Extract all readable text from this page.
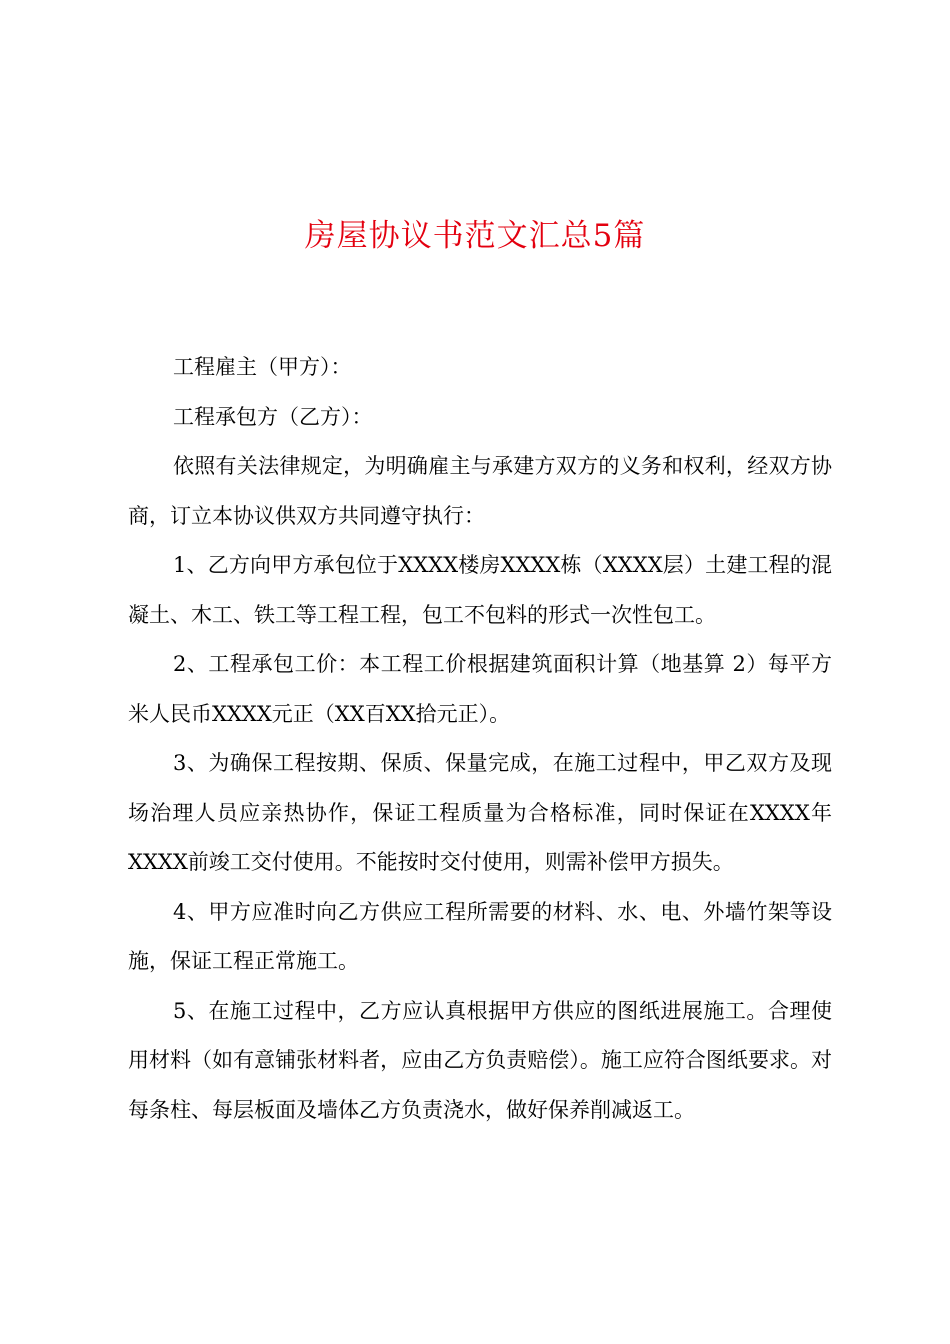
房屋协议书范文汇总5篇

工程雇主（甲方）：

工程承包方（乙方）：

依照有关法律规定，为明确雇主与承建方双方的义务和权利，经双方协商，订立本协议供双方共同遵守执行：

1、乙方向甲方承包位于XXXX楼房XXXX栋（XXXX层）土建工程的混凝土、木工、铁工等工程工程，包工不包料的形式一次性包工。

2、工程承包工价：本工程工价根据建筑面积计算（地基算 2）每平方米人民币XXXX元正（XX百XX拾元正）。

3、为确保工程按期、保质、保量完成，在施工过程中，甲乙双方及现场治理人员应亲热协作，保证工程质量为合格标准，同时保证在XXXX年XXXX前竣工交付使用。不能按时交付使用，则需补偿甲方损失。

4、甲方应准时向乙方供应工程所需要的材料、水、电、外墙竹架等设施，保证工程正常施工。

5、在施工过程中，乙方应认真根据甲方供应的图纸进展施工。合理使用材料（如有意铺张材料者，应由乙方负责赔偿）。施工应符合图纸要求。对每条柱、每层板面及墙体乙方负责浇水，做好保养削减返工。
